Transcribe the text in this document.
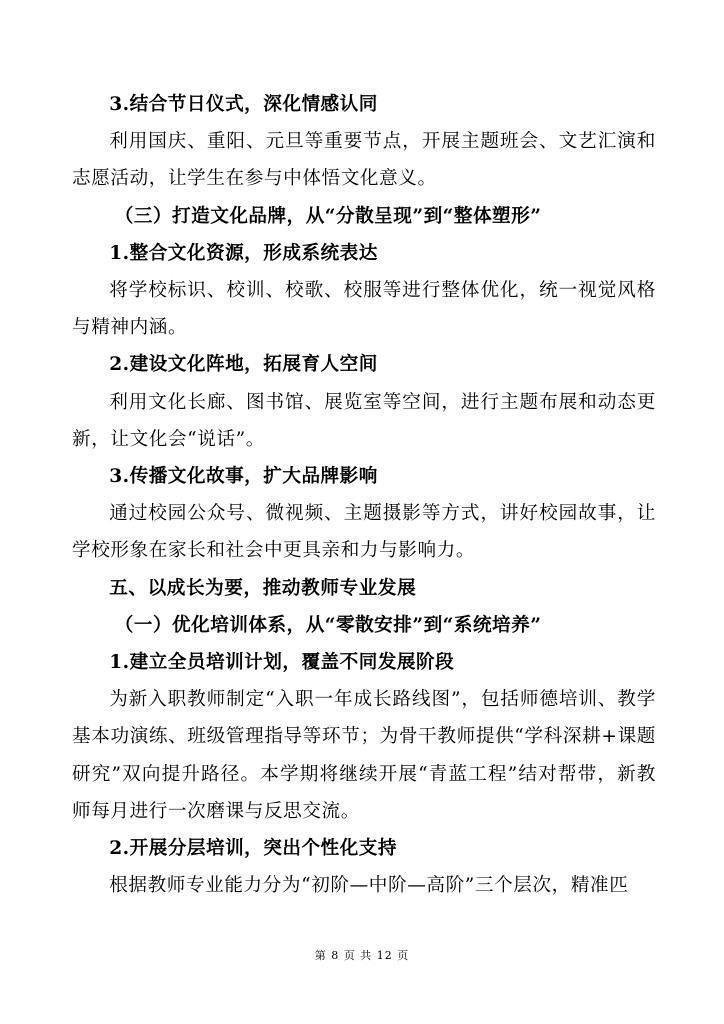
3.结合节日仪式，深化情感认同

利用国庆、重阳、元旦等重要节点，开展主题班会、文艺汇演和志愿活动，让学生在参与中体悟文化意义。

（三）打造文化品牌，从“分散呈现”到“整体塑形”

1.整合文化资源，形成系统表达

将学校标识、校训、校歌、校服等进行整体优化，统一视觉风格与精神内涵。

2.建设文化阵地，拓展育人空间

利用文化长廊、图书馆、展览室等空间，进行主题布展和动态更新，让文化会“说话”。

3.传播文化故事，扩大品牌影响

通过校园公众号、微视频、主题摄影等方式，讲好校园故事，让学校形象在家长和社会中更具亲和力与影响力。

五、以成长为要，推动教师专业发展

（一）优化培训体系，从“零散安排”到“系统培养”

1.建立全员培训计划，覆盖不同发展阶段

为新入职教师制定“入职一年成长路线图”，包括师德培训、教学基本功演练、班级管理指导等环节；为骨干教师提供“学科深耕+课题研究”双向提升路径。本学期将继续开展“青蓝工程”结对帮带，新教师每月进行一次磨课与反思交流。

2.开展分层培训，突出个性化支持

根据教师专业能力分为“初阶—中阶—高阶”三个层次，精准匹

第 8 页 共 12 页
